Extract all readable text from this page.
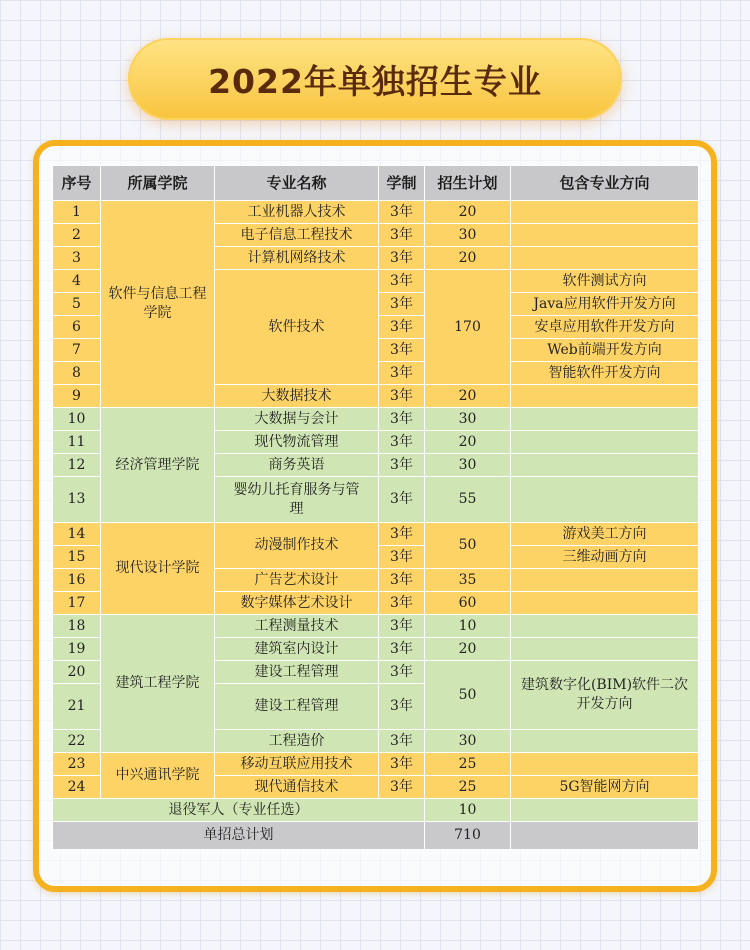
2022年单独招生专业
序号	所属学院	专业名称	学制	招生计划	包含专业方向
1	软件与信息工程学院	工业机器人技术	3年	20	
2		电子信息工程技术	3年	30	
3		计算机网络技术	3年	20	
4		软件技术	3年	170	软件测试方向
5			3年		Java应用软件开发方向
6			3年		安卓应用软件开发方向
7			3年		Web前端开发方向
8			3年		智能软件开发方向
9		大数据技术	3年	20	
10	经济管理学院	大数据与会计	3年	30	
11		现代物流管理	3年	20	
12		商务英语	3年	30	
13		婴幼儿托育服务与管理	3年	55	
14	现代设计学院	动漫制作技术	3年	50	游戏美工方向
15			3年		三维动画方向
16		广告艺术设计	3年	35	
17		数字媒体艺术设计	3年	60	
18	建筑工程学院	工程测量技术	3年	10	
19		建筑室内设计	3年	20	
20		建设工程管理	3年	50	建筑数字化(BIM)软件二次开发方向
21		建设工程管理	3年		
22		工程造价	3年	30	
23	中兴通讯学院	移动互联应用技术	3年	25	
24		现代通信技术	3年	25	5G智能网方向
退役军人（专业任选）				10	
单招总计划				710	
